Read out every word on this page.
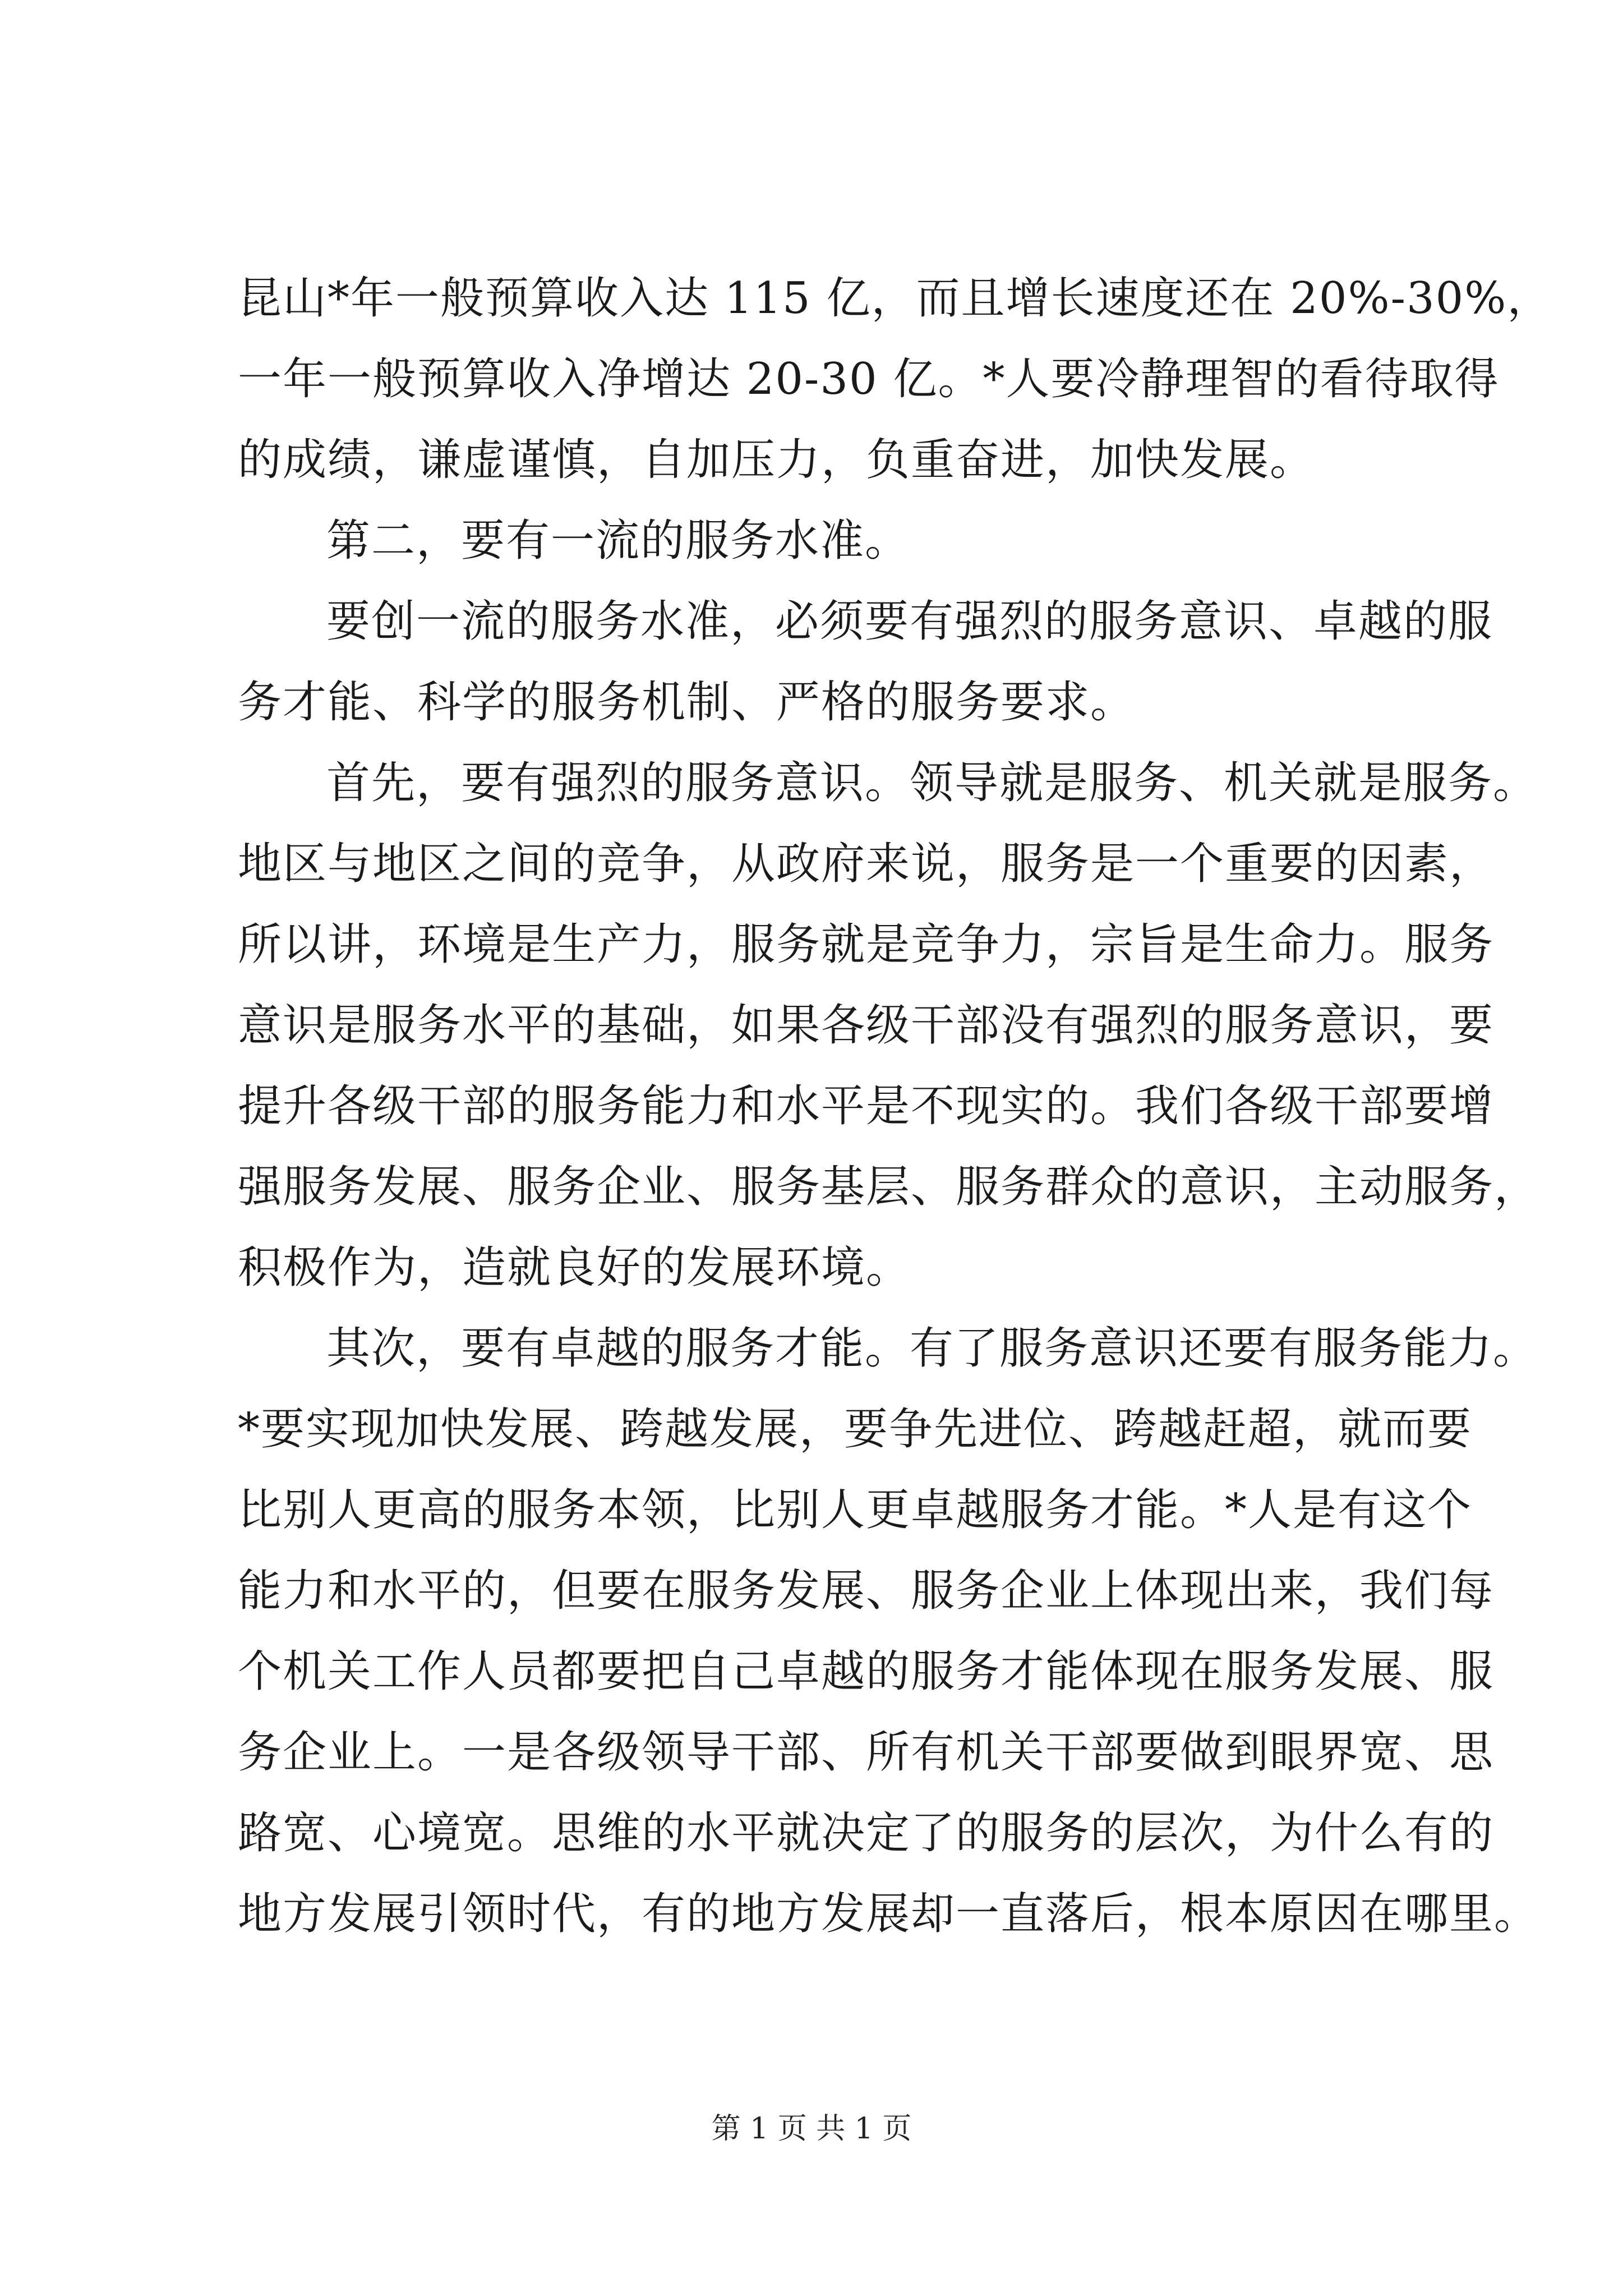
昆山*年一般预算收入达 115 亿，而且增长速度还在 20%-30%，
一年一般预算收入净增达 20-30 亿。*人要冷静理智的看待取得
的成绩，谦虚谨慎，自加压力，负重奋进，加快发展。
第二，要有一流的服务水准。
要创一流的服务水准，必须要有强烈的服务意识、卓越的服
务才能、科学的服务机制、严格的服务要求。
首先，要有强烈的服务意识。领导就是服务、机关就是服务。
地区与地区之间的竞争，从政府来说，服务是一个重要的因素，
所以讲，环境是生产力，服务就是竞争力，宗旨是生命力。服务
意识是服务水平的基础，如果各级干部没有强烈的服务意识，要
提升各级干部的服务能力和水平是不现实的。我们各级干部要增
强服务发展、服务企业、服务基层、服务群众的意识，主动服务，
积极作为，造就良好的发展环境。
其次，要有卓越的服务才能。有了服务意识还要有服务能力。
*要实现加快发展、跨越发展，要争先进位、跨越赶超，就而要
比别人更高的服务本领，比别人更卓越服务才能。*人是有这个
能力和水平的，但要在服务发展、服务企业上体现出来，我们每
个机关工作人员都要把自己卓越的服务才能体现在服务发展、服
务企业上。一是各级领导干部、所有机关干部要做到眼界宽、思
路宽、心境宽。思维的水平就决定了的服务的层次，为什么有的
地方发展引领时代，有的地方发展却一直落后，根本原因在哪里。
第 1 页 共 1 页
